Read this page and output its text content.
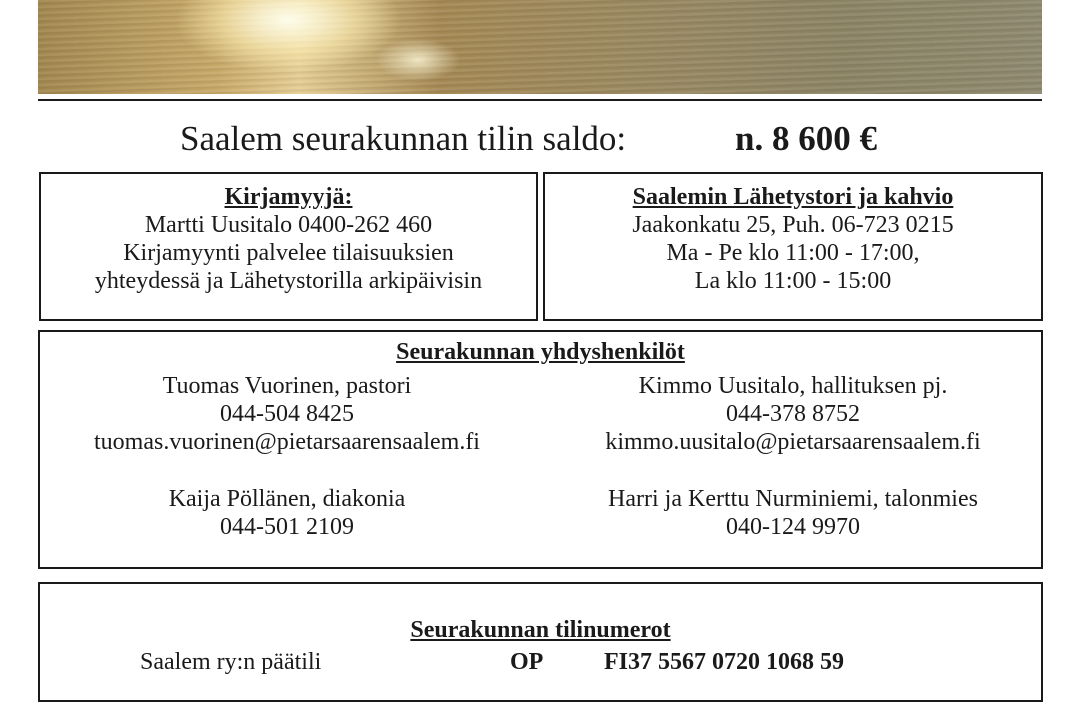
Saalem seurakunnan tilin saldo:	n. 8 600 €
Kirjamyyjä:
Martti Uusitalo 0400-262 460
Kirjamyynti palvelee tilaisuuksien
yhteydessä ja Lähetystorilla arkipäivisin
Saalemin Lähetystori ja kahvio
Jaakonkatu 25, Puh. 06-723 0215
Ma - Pe klo 11:00 - 17:00,
La klo 11:00 - 15:00
Seurakunnan yhdyshenkilöt
Tuomas Vuorinen, pastori
044-504 8425
tuomas.vuorinen@pietarsaarensaalem.fi
Kimmo Uusitalo, hallituksen pj.
044-378 8752
kimmo.uusitalo@pietarsaarensaalem.fi
Kaija Pöllänen, diakonia
044-501 2109
Harri ja Kerttu Nurminiemi, talonmies
040-124 9970
Seurakunnan tilinumerot
Saalem ry:n päätili	OP	FI37 5567 0720 1068 59
